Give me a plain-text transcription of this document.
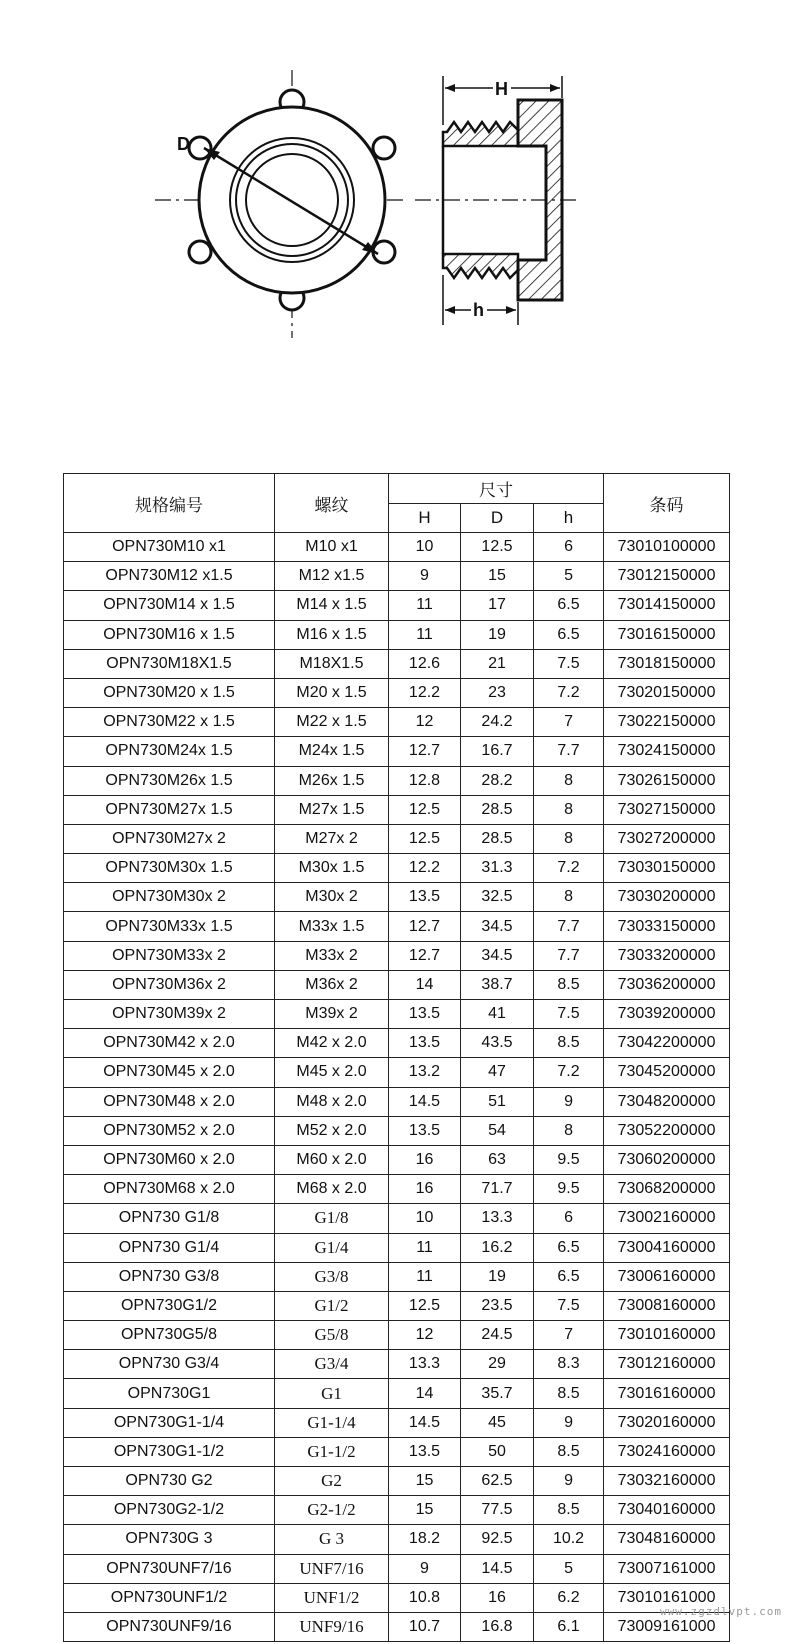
D
H
h
规格编号	螺纹	尺寸			条码
		H	D	h	
OPN730M10 x1	M10 x1	10	12.5	6	73010100000
OPN730M12 x1.5	M12 x1.5	9	15	5	73012150000
OPN730M14 x 1.5	M14 x 1.5	11	17	6.5	73014150000
OPN730M16 x 1.5	M16 x 1.5	11	19	6.5	73016150000
OPN730M18X1.5	M18X1.5	12.6	21	7.5	73018150000
OPN730M20 x 1.5	M20 x 1.5	12.2	23	7.2	73020150000
OPN730M22 x 1.5	M22 x 1.5	12	24.2	7	73022150000
OPN730M24x 1.5	M24x 1.5	12.7	16.7	7.7	73024150000
OPN730M26x 1.5	M26x 1.5	12.8	28.2	8	73026150000
OPN730M27x 1.5	M27x 1.5	12.5	28.5	8	73027150000
OPN730M27x 2	M27x 2	12.5	28.5	8	73027200000
OPN730M30x 1.5	M30x 1.5	12.2	31.3	7.2	73030150000
OPN730M30x 2	M30x 2	13.5	32.5	8	73030200000
OPN730M33x 1.5	M33x 1.5	12.7	34.5	7.7	73033150000
OPN730M33x 2	M33x 2	12.7	34.5	7.7	73033200000
OPN730M36x 2	M36x 2	14	38.7	8.5	73036200000
OPN730M39x 2	M39x 2	13.5	41	7.5	73039200000
OPN730M42 x 2.0	M42 x 2.0	13.5	43.5	8.5	73042200000
OPN730M45 x 2.0	M45 x 2.0	13.2	47	7.2	73045200000
OPN730M48 x 2.0	M48 x 2.0	14.5	51	9	73048200000
OPN730M52 x 2.0	M52 x 2.0	13.5	54	8	73052200000
OPN730M60 x 2.0	M60 x 2.0	16	63	9.5	73060200000
OPN730M68 x 2.0	M68 x 2.0	16	71.7	9.5	73068200000
OPN730 G1/8	G1/8	10	13.3	6	73002160000
OPN730 G1/4	G1/4	11	16.2	6.5	73004160000
OPN730 G3/8	G3/8	11	19	6.5	73006160000
OPN730G1/2	G1/2	12.5	23.5	7.5	73008160000
OPN730G5/8	G5/8	12	24.5	7	73010160000
OPN730 G3/4	G3/4	13.3	29	8.3	73012160000
OPN730G1	G1	14	35.7	8.5	73016160000
OPN730G1-1/4	G1-1/4	14.5	45	9	73020160000
OPN730G1-1/2	G1-1/2	13.5	50	8.5	73024160000
OPN730 G2	G2	15	62.5	9	73032160000
OPN730G2-1/2	G2-1/2	15	77.5	8.5	73040160000
OPN730G 3	G 3	18.2	92.5	10.2	73048160000
OPN730UNF7/16	UNF7/16	9	14.5	5	73007161000
OPN730UNF1/2	UNF1/2	10.8	16	6.2	73010161000
OPN730UNF9/16	UNF9/16	10.7	16.8	6.1	73009161000
www.zgzdlvpt.com
